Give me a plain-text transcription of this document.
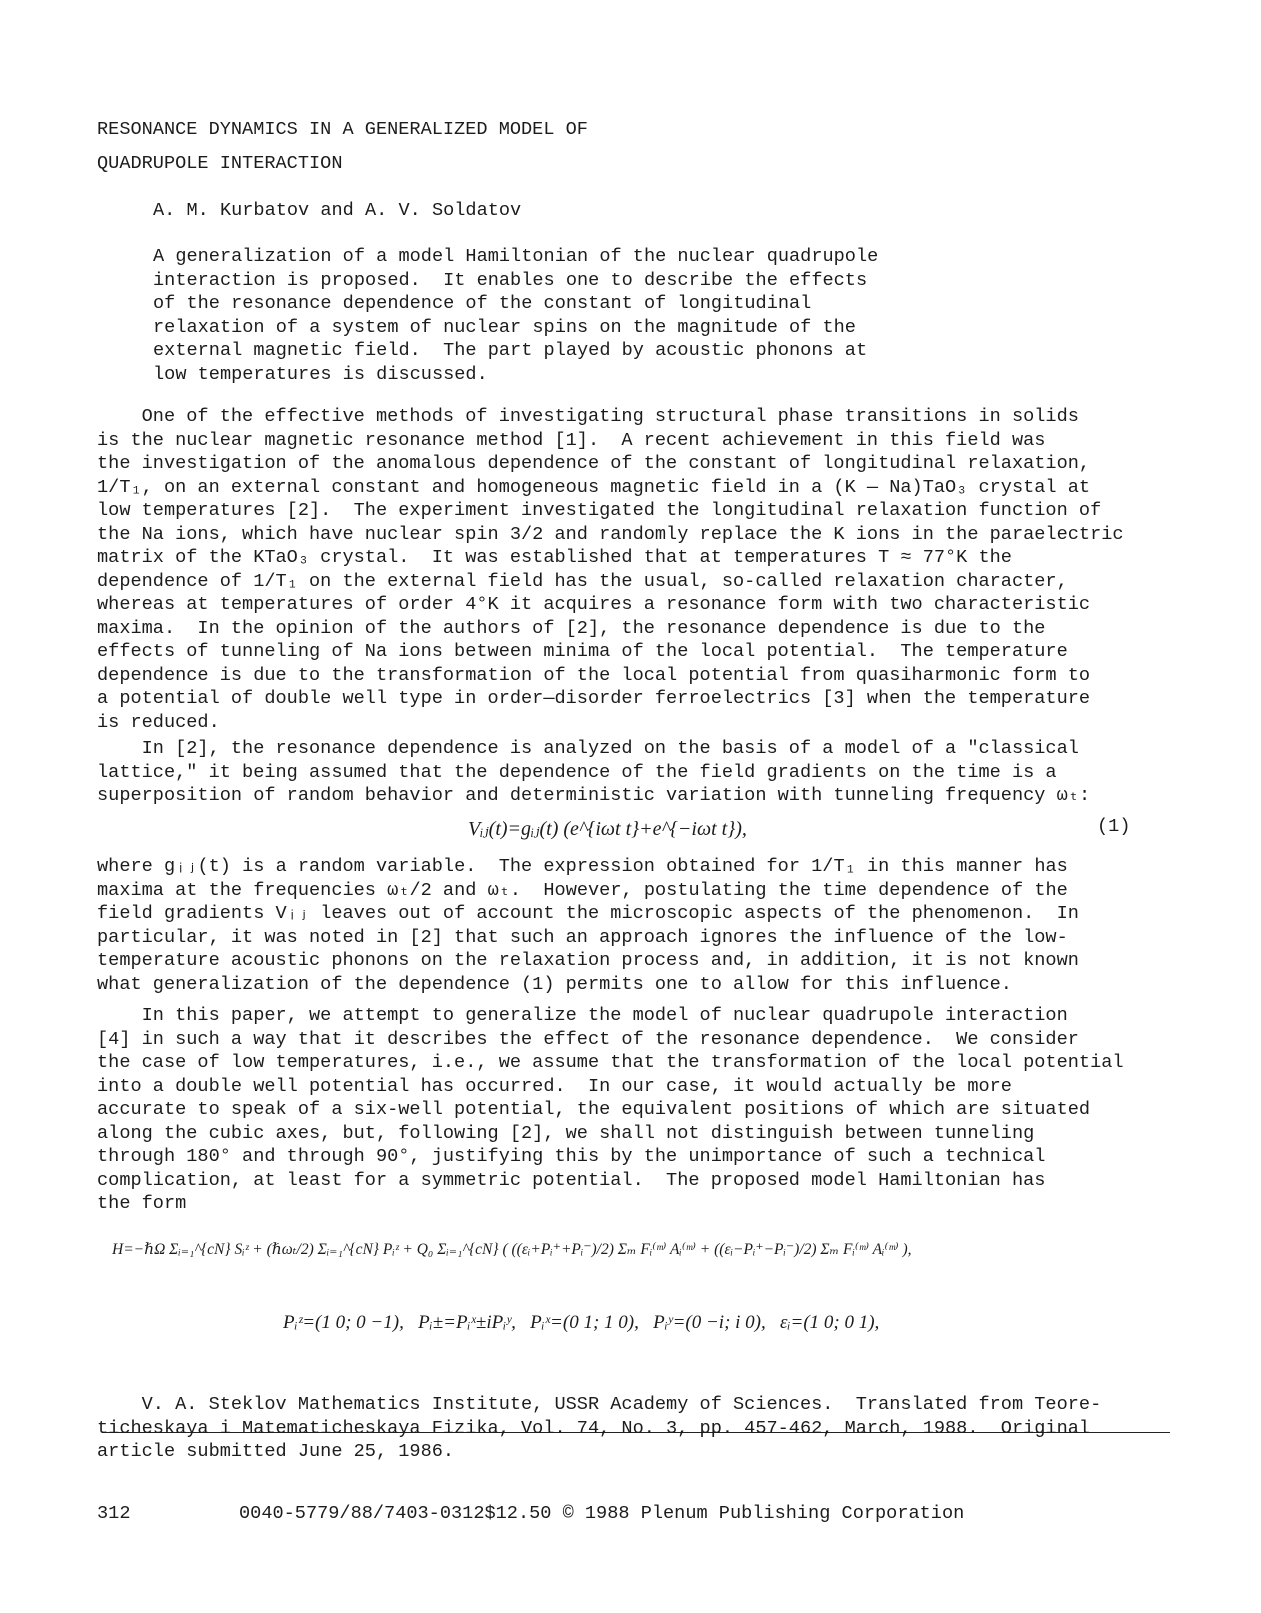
RESONANCE DYNAMICS IN A GENERALIZED MODEL OF
QUADRUPOLE INTERACTION
A. M. Kurbatov and A. V. Soldatov
A generalization of a model Hamiltonian of the nuclear quadrupole
interaction is proposed.  It enables one to describe the effects
of the resonance dependence of the constant of longitudinal
relaxation of a system of nuclear spins on the magnitude of the
external magnetic field.  The part played by acoustic phonons at
low temperatures is discussed.
One of the effective methods of investigating structural phase transitions in solids
is the nuclear magnetic resonance method [1].  A recent achievement in this field was
the investigation of the anomalous dependence of the constant of longitudinal relaxation,
1/T₁, on an external constant and homogeneous magnetic field in a (K — Na)TaO₃ crystal at
low temperatures [2].  The experiment investigated the longitudinal relaxation function of
the Na ions, which have nuclear spin 3/2 and randomly replace the K ions in the paraelectric
matrix of the KTaO₃ crystal.  It was established that at temperatures T ≈ 77°K the
dependence of 1/T₁ on the external field has the usual, so-called relaxation character,
whereas at temperatures of order 4°K it acquires a resonance form with two characteristic
maxima.  In the opinion of the authors of [2], the resonance dependence is due to the
effects of tunneling of Na ions between minima of the local potential.  The temperature
dependence is due to the transformation of the local potential from quasiharmonic form to
a potential of double well type in order—disorder ferroelectrics [3] when the temperature
is reduced.
In [2], the resonance dependence is analyzed on the basis of a model of a "classical
lattice," it being assumed that the dependence of the field gradients on the time is a
superposition of random behavior and deterministic variation with tunneling frequency ωₜ:
Vᵢⱼ(t)=gᵢⱼ(t) (e^{iωt t}+e^{−iωt t}),	(1)
where gᵢⱼ(t) is a random variable.  The expression obtained for 1/T₁ in this manner has
maxima at the frequencies ωₜ/2 and ωₜ.  However, postulating the time dependence of the
field gradients Vᵢⱼ leaves out of account the microscopic aspects of the phenomenon.  In
particular, it was noted in [2] that such an approach ignores the influence of the low-
temperature acoustic phonons on the relaxation process and, in addition, it is not known
what generalization of the dependence (1) permits one to allow for this influence.
In this paper, we attempt to generalize the model of nuclear quadrupole interaction
[4] in such a way that it describes the effect of the resonance dependence.  We consider
the case of low temperatures, i.e., we assume that the transformation of the local potential
into a double well potential has occurred.  In our case, it would actually be more
accurate to speak of a six-well potential, the equivalent positions of which are situated
along the cubic axes, but, following [2], we shall not distinguish between tunneling
through 180° and through 90°, justifying this by the unimportance of such a technical
complication, at least for a symmetric potential.  The proposed model Hamiltonian has
the form
H=−ℏΩ Σᵢ₌₁^{cN} Sᵢᶻ + (ℏωₜ/2) Σᵢ₌₁^{cN} Pᵢᶻ + Q₀ Σᵢ₌₁^{cN} ( ((εᵢ+Pᵢ⁺+Pᵢ⁻)/2) Σₘ Fᵢ⁽ᵐ⁾ Aᵢ⁽ᵐ⁾ + ((εᵢ−Pᵢ⁺−Pᵢ⁻)/2) Σₘ Fᵢ⁽ᵐ⁾ Aᵢ⁽ᵐ⁾ ),
Pᵢᶻ=(1 0; 0 −1), Pᵢ±=Pᵢˣ±iPᵢʸ, Pᵢˣ=(0 1; 1 0), Pᵢʸ=(0 −i; i 0), εᵢ=(1 0; 0 1),
V. A. Steklov Mathematics Institute, USSR Academy of Sciences.  Translated from Teore-
ticheskaya i Matematicheskaya Fizika, Vol. 74, No. 3, pp. 457-462, March, 1988.  Original
article submitted June 25, 1986.
312	0040-5779/88/7403-0312$12.50 © 1988 Plenum Publishing Corporation
